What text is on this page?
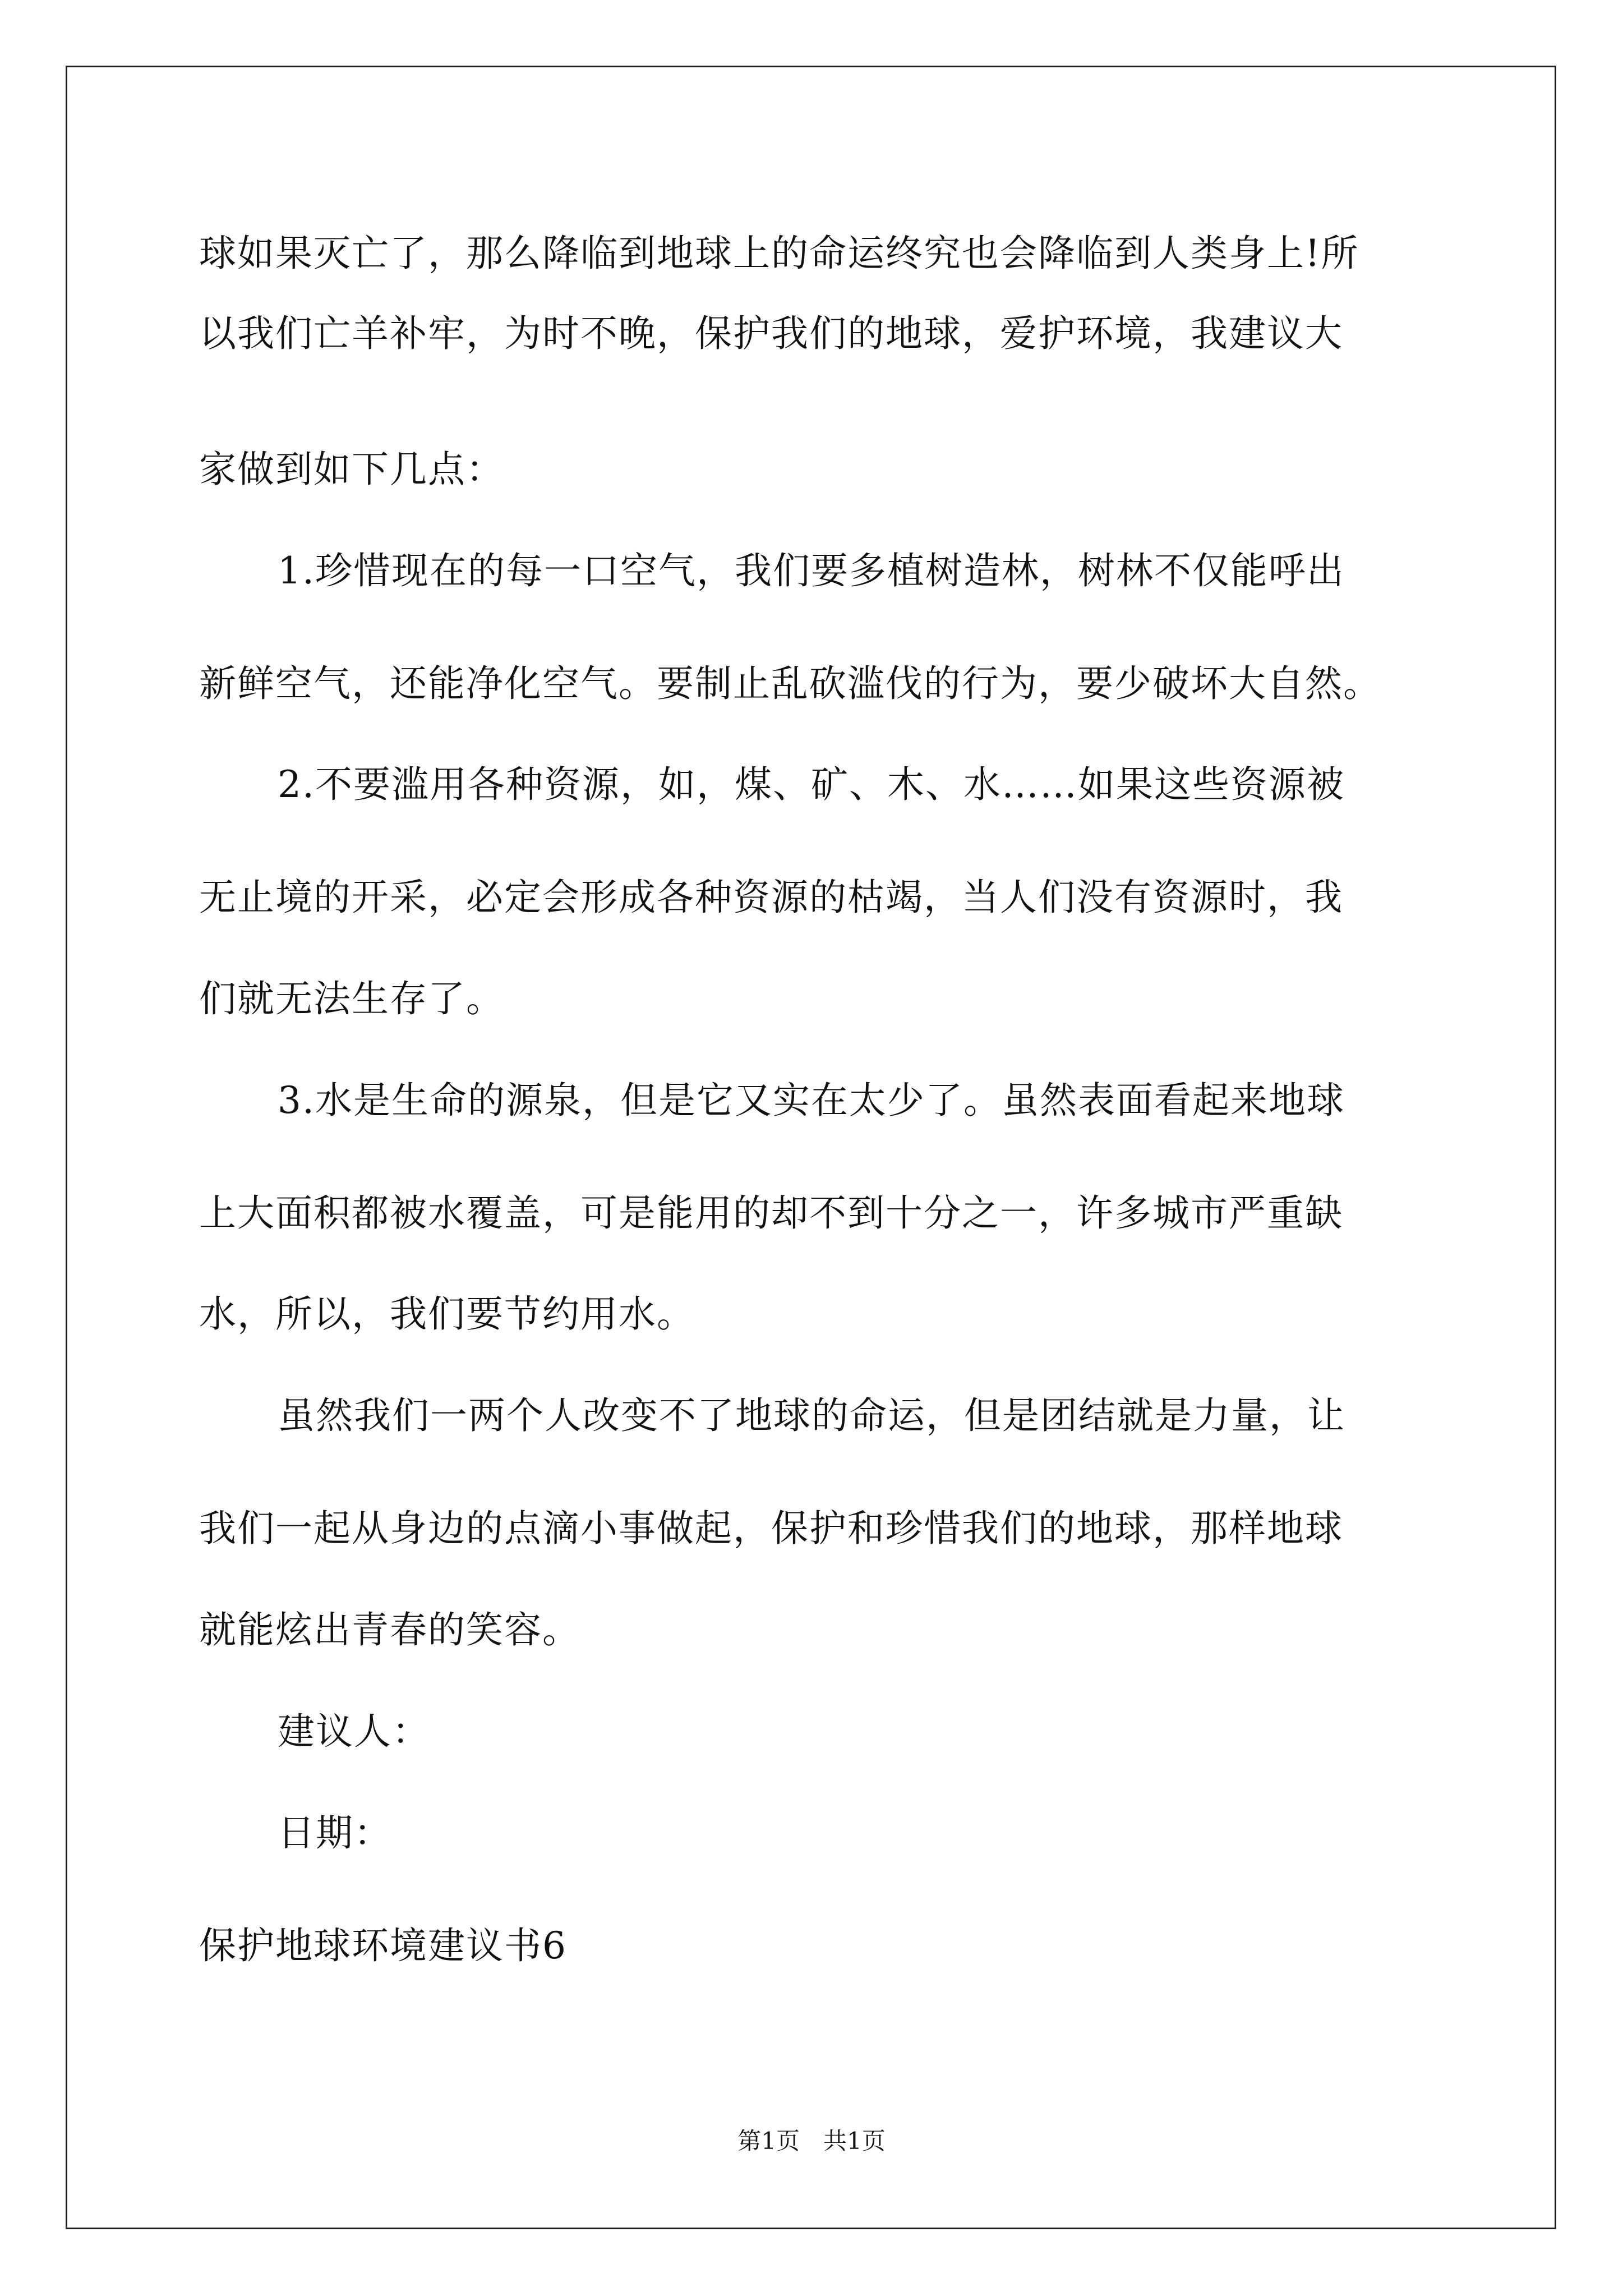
球如果灭亡了，那么降临到地球上的命运终究也会降临到人类身上!所
以我们亡羊补牢，为时不晚，保护我们的地球，爱护环境，我建议大
家做到如下几点：
1.珍惜现在的每一口空气，我们要多植树造林，树林不仅能呼出
新鲜空气，还能净化空气。要制止乱砍滥伐的行为，要少破坏大自然。
2.不要滥用各种资源，如，煤、矿、木、水……如果这些资源被
无止境的开采，必定会形成各种资源的枯竭，当人们没有资源时，我
们就无法生存了。
3.水是生命的源泉，但是它又实在太少了。虽然表面看起来地球
上大面积都被水覆盖，可是能用的却不到十分之一，许多城市严重缺
水，所以，我们要节约用水。
虽然我们一两个人改变不了地球的命运，但是团结就是力量，让
我们一起从身边的点滴小事做起，保护和珍惜我们的地球，那样地球
就能炫出青春的笑容。
建议人：
日期：
保护地球环境建议书6
第1页　共1页
